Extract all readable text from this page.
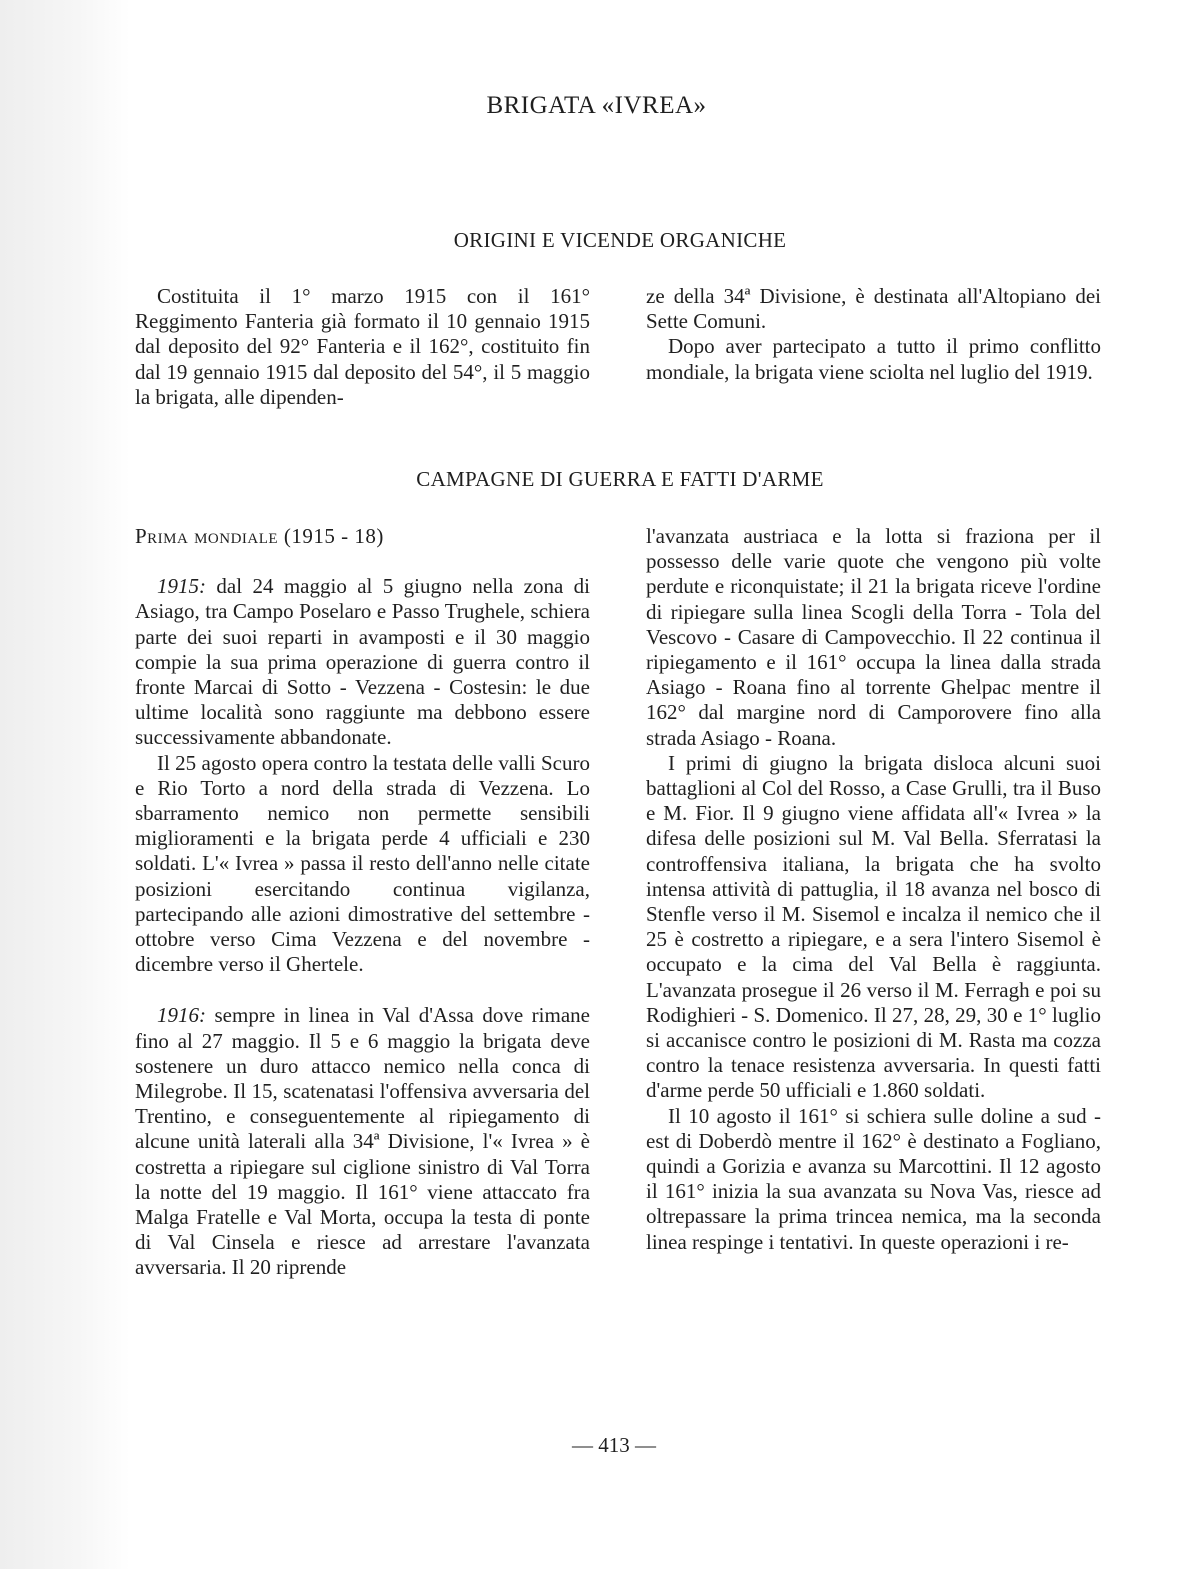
BRIGATA «IVREA»
ORIGINI E VICENDE ORGANICHE

Costituita il 1° marzo 1915 con il 161° Reggimento Fanteria già formato il 10 gennaio 1915 dal deposito del 92° Fanteria e il 162°, costituito fin dal 19 gennaio 1915 dal deposito del 54°, il 5 maggio la brigata, alle dipenden-

ze della 34ª Divisione, è destinata all'Altopiano dei Sette Comuni.

Dopo aver partecipato a tutto il primo conflitto mondiale, la brigata viene sciolta nel luglio del 1919.

CAMPAGNE DI GUERRA E FATTI D'ARME

Prima mondiale (1915 - 18)

1915: dal 24 maggio al 5 giugno nella zona di Asiago, tra Campo Poselaro e Passo Trughele, schiera parte dei suoi reparti in avamposti e il 30 maggio compie la sua prima operazione di guerra contro il fronte Marcai di Sotto - Vezzena - Costesin: le due ultime località sono raggiunte ma debbono essere successivamente abbandonate.

Il 25 agosto opera contro la testata delle valli Scuro e Rio Torto a nord della strada di Vezzena. Lo sbarramento nemico non permette sensibili miglioramenti e la brigata perde 4 ufficiali e 230 soldati. L'« Ivrea » passa il resto dell'anno nelle citate posizioni esercitando continua vigilanza, partecipando alle azioni dimostrative del settembre - ottobre verso Cima Vezzena e del novembre - dicembre verso il Ghertele.

1916: sempre in linea in Val d'Assa dove rimane fino al 27 maggio. Il 5 e 6 maggio la brigata deve sostenere un duro attacco nemico nella conca di Milegrobe. Il 15, scatenatasi l'offensiva avversaria del Trentino, e conseguentemente al ripiegamento di alcune unità laterali alla 34ª Divisione, l'« Ivrea » è costretta a ripiegare sul ciglione sinistro di Val Torra la notte del 19 maggio. Il 161° viene attaccato fra Malga Fratelle e Val Morta, occupa la testa di ponte di Val Cinsela e riesce ad arrestare l'avanzata avversaria. Il 20 riprende

l'avanzata austriaca e la lotta si fraziona per il possesso delle varie quote che vengono più volte perdute e riconquistate; il 21 la brigata riceve l'ordine di ripiegare sulla linea Scogli della Torra - Tola del Vescovo - Casare di Campovecchio. Il 22 continua il ripiegamento e il 161° occupa la linea dalla strada Asiago - Roana fino al torrente Ghelpac mentre il 162° dal margine nord di Camporovere fino alla strada Asiago - Roana.

I primi di giugno la brigata disloca alcuni suoi battaglioni al Col del Rosso, a Case Grulli, tra il Buso e M. Fior. Il 9 giugno viene affidata all'« Ivrea » la difesa delle posizioni sul M. Val Bella. Sferratasi la controffensiva italiana, la brigata che ha svolto intensa attività di pattuglia, il 18 avanza nel bosco di Stenfle verso il M. Sisemol e incalza il nemico che il 25 è costretto a ripiegare, e a sera l'intero Sisemol è occupato e la cima del Val Bella è raggiunta. L'avanzata prosegue il 26 verso il M. Ferragh e poi su Rodighieri - S. Domenico. Il 27, 28, 29, 30 e 1° luglio si accanisce contro le posizioni di M. Rasta ma cozza contro la tenace resistenza avversaria. In questi fatti d'arme perde 50 ufficiali e 1.860 soldati.

Il 10 agosto il 161° si schiera sulle doline a sud - est di Doberdò mentre il 162° è destinato a Fogliano, quindi a Gorizia e avanza su Marcottini. Il 12 agosto il 161° inizia la sua avanzata su Nova Vas, riesce ad oltrepassare la prima trincea nemica, ma la seconda linea respinge i tentativi. In queste operazioni i re-

— 413 —
